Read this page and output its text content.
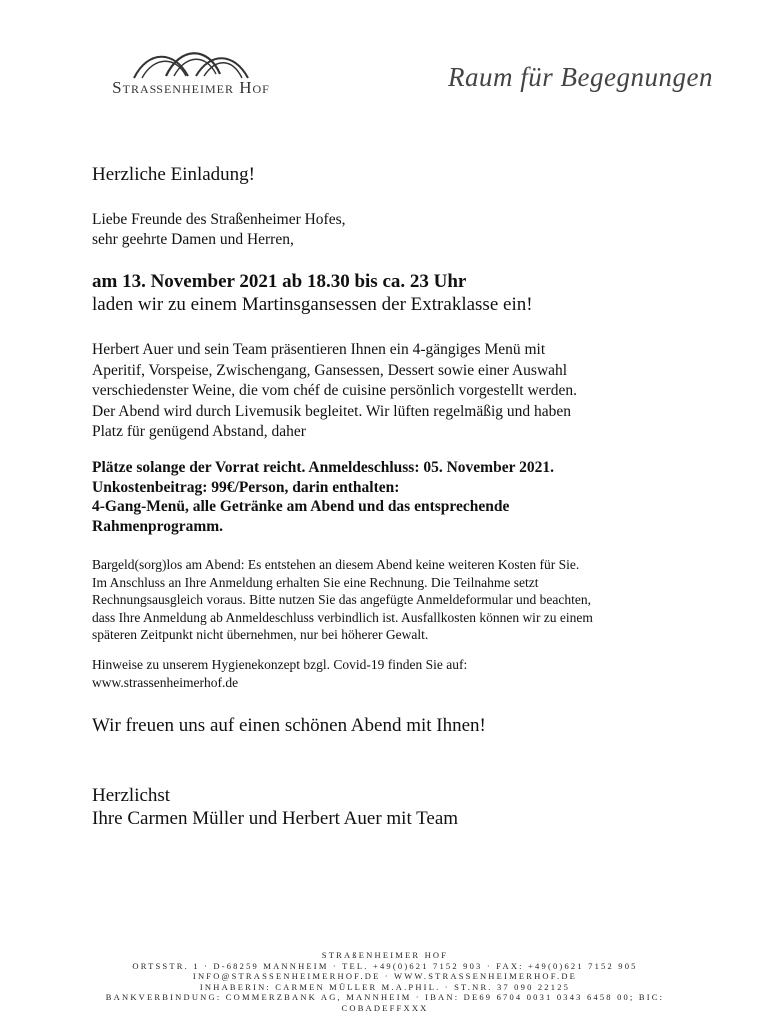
Straßenheimer Hof	Raum für Begegnungen
Herzliche Einladung!
Liebe Freunde des Straßenheimer Hofes,
sehr geehrte Damen und Herren,
am 13. November 2021 ab 18.30 bis ca. 23 Uhr
laden wir zu einem Martinsgansessen der Extraklasse ein!
Herbert Auer und sein Team präsentieren Ihnen ein 4-gängiges Menü mit
Aperitif, Vorspeise, Zwischengang, Gansessen, Dessert sowie einer Auswahl
verschiedenster Weine, die vom chéf de cuisine persönlich vorgestellt werden.
Der Abend wird durch Livemusik begleitet. Wir lüften regelmäßig und haben
Platz für genügend Abstand, daher
Plätze solange der Vorrat reicht. Anmeldeschluss: 05. November 2021.
Unkostenbeitrag: 99€/Person, darin enthalten:
4-Gang-Menü, alle Getränke am Abend und das entsprechende
Rahmenprogramm.
Bargeld(sorg)los am Abend: Es entstehen an diesem Abend keine weiteren Kosten für Sie.
Im Anschluss an Ihre Anmeldung erhalten Sie eine Rechnung. Die Teilnahme setzt
Rechnungsausgleich voraus. Bitte nutzen Sie das angefügte Anmeldeformular und beachten,
dass Ihre Anmeldung ab Anmeldeschluss verbindlich ist. Ausfallkosten können wir zu einem
späteren Zeitpunkt nicht übernehmen, nur bei höherer Gewalt.
Hinweise zu unserem Hygienekonzept bzgl. Covid-19 finden Sie auf:
www.strassenheimerhof.de
Wir freuen uns auf einen schönen Abend mit Ihnen!
Herzlichst
Ihre Carmen Müller und Herbert Auer mit Team
STRAßENHEIMER HOF
ORTSSTR. 1 · D-68259 MANNHEIM · TEL. +49(0)621 7152 903 · FAX: +49(0)621 7152 905
INFO@STRASSENHEIMERHOF.DE · WWW.STRASSENHEIMERHOF.DE
INHABERIN: CARMEN MÜLLER M.A.PHIL. · ST.NR. 37 090 22125
BANKVERBINDUNG: COMMERZBANK AG, MANNHEIM · IBAN: DE69 6704 0031 0343 6458 00; BIC:
COBADEFFXXX
